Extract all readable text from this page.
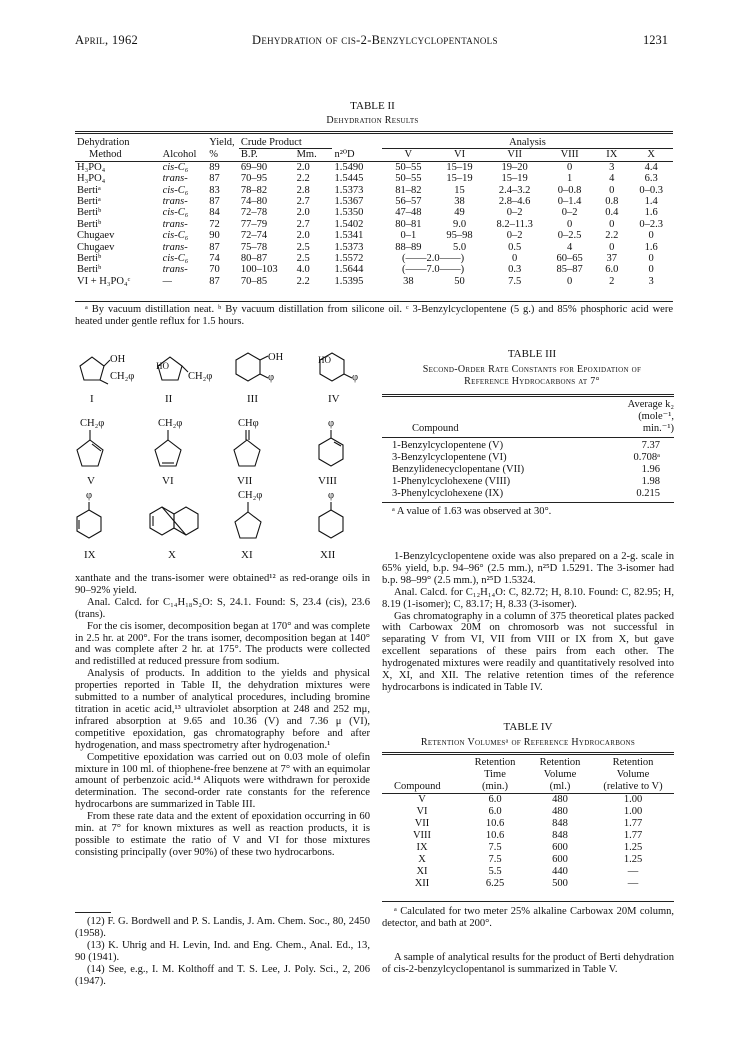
April, 1962	Dehydration of cis-2-Benzylcyclopentanols	1231
TABLE II
Dehydration Results
Dehydration		Yield,	Crude Product			Analysis					
Method	Alcohol	%	B.P.	Mm.	n²⁰D	V	VI	VII	VIII	IX	X
H₃PO₄	cis-C₆	89	69–90	2.0	1.5490	50–55	15–19	19–20	0	3	4.4
H₃PO₄	trans-	87	70–95	2.2	1.5445	50–55	15–19	15–19	1	4	6.3
Bertiᵃ	cis-C₆	83	78–82	2.8	1.5373	81–82	15	2.4–3.2	0–0.8	0	0–0.3
Bertiᵃ	trans-	87	74–80	2.7	1.5367	56–57	38	2.8–4.6	0–1.4	0.8	1.4
Bertiᵇ	cis-C₆	84	72–78	2.0	1.5350	47–48	49	0–2	0–2	0.4	1.6
Bertiᵇ	trans-	72	77–79	2.7	1.5402	80–81	9.0	8.2–11.3	0	0	0–2.3
Chugaev	cis-C₆	90	72–74	2.0	1.5341	0–1	95–98	0–2	0–2.5	2.2	0
Chugaev	trans-	87	75–78	2.5	1.5373	88–89	5.0	0.5	4	0	1.6
Bertiᵇ	cis-C₆	74	80–87	2.5	1.5572	(——2.0——)		0	60–65	37	0
Bertiᵇ	trans-	70	100–103	4.0	1.5644	(——7.0——)		0.3	85–87	6.0	0
VI + H₃PO₄ᶜ	—	87	70–85	2.2	1.5395	38	50	7.5	0	2	3
ᵃ By vacuum distillation neat. ᵇ By vacuum distillation from silicone oil. ᶜ 3-Benzylcyclopentene (5 g.) and 85% phosphoric acid were heated under gentle reflux for 1.5 hours.
OH
CH₂φ
I
HO
CH₂φ
II
OH
φ
III
HO
φ
IV
CH₂φ
V
CH₂φ
VI
CHφ
VII
φ
VIII
φ
IX	X
CH₂φ
XI
φ
XII
TABLE III
Second-Order Rate Constants for Epoxidation of
Reference Hydrocarbons at 7°
Average k₂
(mole⁻¹,
min.⁻¹)
Compound
1-Benzylcyclopentene (V)	7.37
3-Benzylcyclopentene (VI)	0.708ᵃ
Benzylidenecyclopentane (VII)	1.96
1-Phenylcyclohexene (VIII)	1.98
3-Phenylcyclohexene (IX)	0.215
ᵃ A value of 1.63 was observed at 30°.
xanthate and the trans-isomer were obtained¹² as red-orange oils in 90–92% yield.
Anal. Calcd. for C₁₄H₁₈S₂O: S, 24.1. Found: S, 23.4 (cis), 23.6 (trans).
For the cis isomer, decomposition began at 170° and was complete in 2.5 hr. at 200°. For the trans isomer, decomposition began at 140° and was complete after 2 hr. at 175°. The products were collected and redistilled at reduced pressure from sodium.
Analysis of products. In addition to the yields and physical properties reported in Table II, the dehydration mixtures were submitted to a number of analytical procedures, including bromine titration in acetic acid,¹³ ultraviolet absorption at 248 and 252 mμ, infrared absorption at 9.65 and 10.36 (V) and 7.36 μ (VI), competitive epoxidation, gas chromatography before and after hydrogenation, and mass spectrometry after hydrogenation.¹
Competitive epoxidation was carried out on 0.03 mole of olefin mixture in 100 ml. of thiophene-free benzene at 7° with an equimolar amount of perbenzoic acid.¹⁴ Aliquots were withdrawn for peroxide determination. The second-order rate constants for the reference hydrocarbons are summarized in Table III.
From these rate data and the extent of epoxidation occurring in 60 min. at 7° for known mixtures as well as reaction products, it is possible to estimate the ratio of V and VI for those mixtures consisting principally (over 90%) of these two hydrocarbons.
(12) F. G. Bordwell and P. S. Landis, J. Am. Chem. Soc., 80, 2450 (1958).
(13) K. Uhrig and H. Levin, Ind. and Eng. Chem., Anal. Ed., 13, 90 (1941).
(14) See, e.g., I. M. Kolthoff and T. S. Lee, J. Poly. Sci., 2, 206 (1947).
1-Benzylcyclopentene oxide was also prepared on a 2-g. scale in 65% yield, b.p. 94–96° (2.5 mm.), n²⁵D 1.5291. The 3-isomer had b.p. 98–99° (2.5 mm.), n²⁵D 1.5324.
Anal. Calcd. for C₁₂H₁₄O: C, 82.72; H, 8.10. Found: C, 82.95; H, 8.19 (1-isomer); C, 83.17; H, 8.33 (3-isomer).
Gas chromatography in a column of 375 theoretical plates packed with Carbowax 20M on chromosorb was not successful in separating V from VI, VII from VIII or IX from X, but gave excellent separations of these pairs from each other. The hydrogenated mixtures were readily and quantitatively resolved into X, XI, and XII. The relative retention times of the reference hydrocarbons is indicated in Table IV.
TABLE IV
Retention Volumesᵃ of Reference Hydrocarbons
	Retention	Retention	Retention
	Time	Volume	Volume
Compound	(min.)	(ml.)	(relative to V)
V	6.0	480	1.00
VI	6.0	480	1.00
VII	10.6	848	1.77
VIII	10.6	848	1.77
IX	7.5	600	1.25
X	7.5	600	1.25
XI	5.5	440	—
XII	6.25	500	—
ᵃ Calculated for two meter 25% alkaline Carbowax 20M column, detector, and bath at 200°.
A sample of analytical results for the product of Berti dehydration of cis-2-benzylcyclopentanol is summarized in Table V.
